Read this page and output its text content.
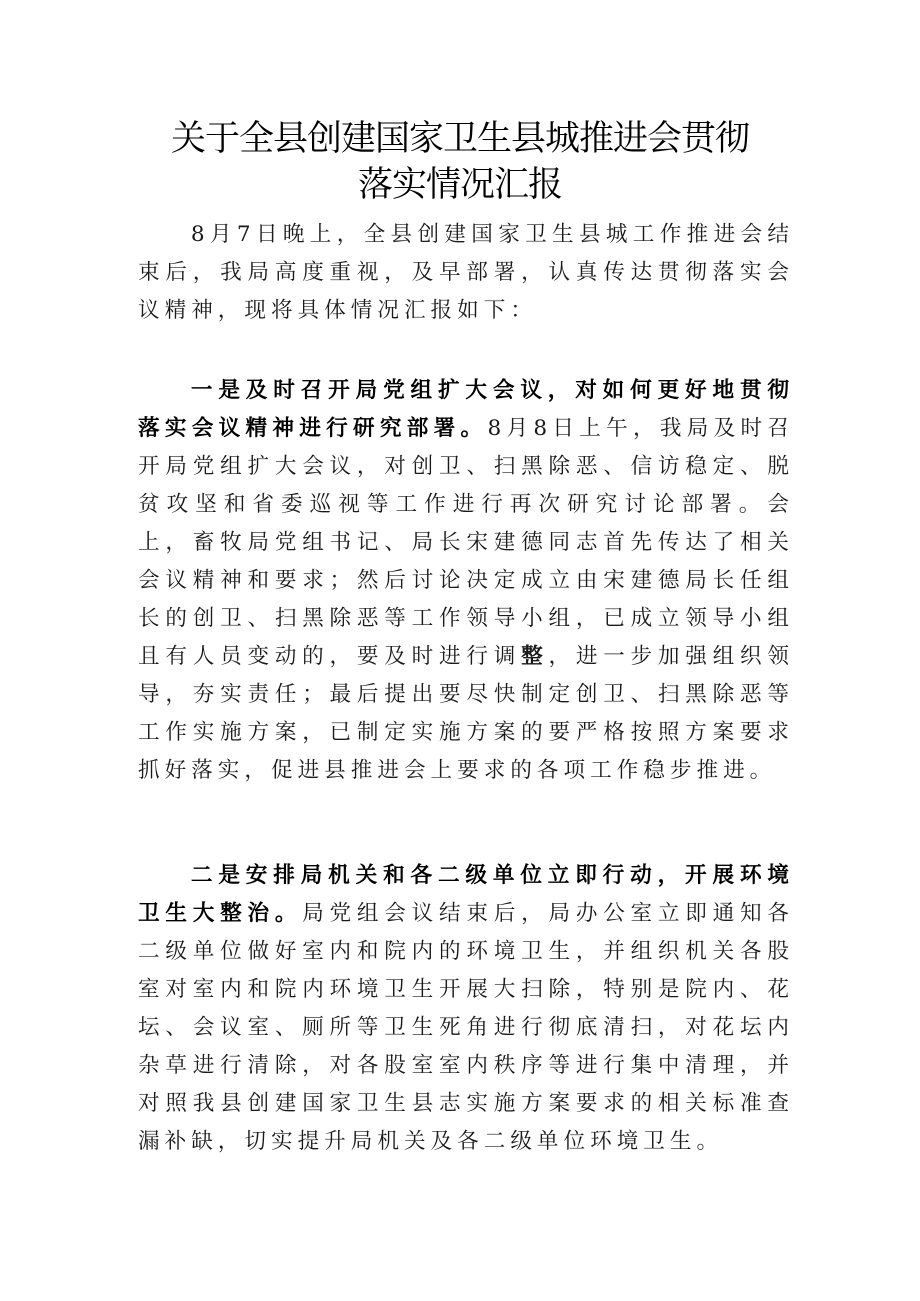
关于全县创建国家卫生县城推进会贯彻
落实情况汇报

8月7日晚上，全县创建国家卫生县城工作推进会结束后，我局高度重视，及早部署，认真传达贯彻落实会议精神，现将具体情况汇报如下：

一是及时召开局党组扩大会议，对如何更好地贯彻落实会议精神进行研究部署。8月8日上午，我局及时召开局党组扩大会议，对创卫、扫黑除恶、信访稳定、脱贫攻坚和省委巡视等工作进行再次研究讨论部署。会上，畜牧局党组书记、局长宋建德同志首先传达了相关会议精神和要求；然后讨论决定成立由宋建德局长任组长的创卫、扫黑除恶等工作领导小组，已成立领导小组且有人员变动的，要及时进行调整，进一步加强组织领导，夯实责任；最后提出要尽快制定创卫、扫黑除恶等工作实施方案，已制定实施方案的要严格按照方案要求抓好落实，促进县推进会上要求的各项工作稳步推进。

二是安排局机关和各二级单位立即行动，开展环境卫生大整治。局党组会议结束后，局办公室立即通知各二级单位做好室内和院内的环境卫生，并组织机关各股室对室内和院内环境卫生开展大扫除，特别是院内、花坛、会议室、厕所等卫生死角进行彻底清扫，对花坛内杂草进行清除，对各股室室内秩序等进行集中清理，并对照我县创建国家卫生县志实施方案要求的相关标准查漏补缺，切实提升局机关及各二级单位环境卫生。
